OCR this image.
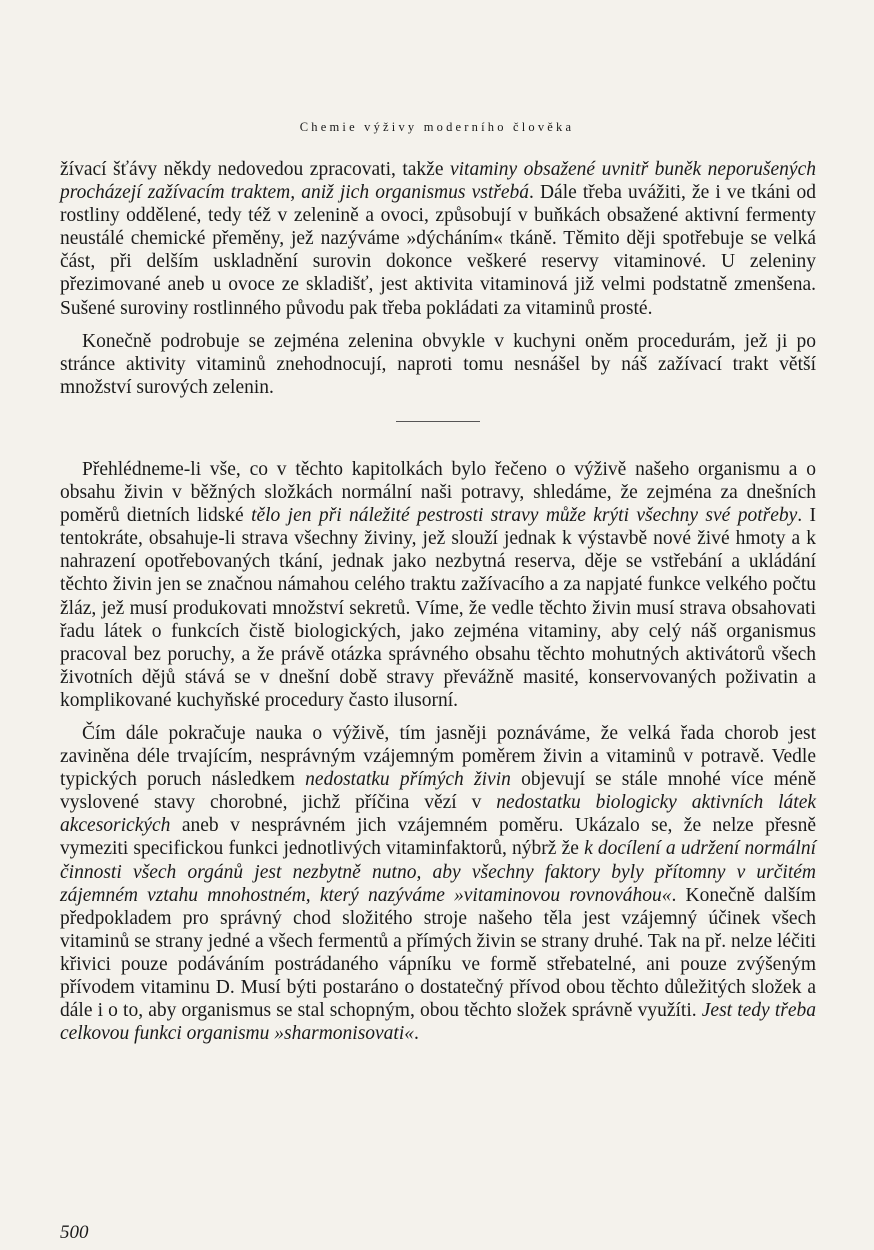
Chemie výživy moderního člověka

žívací šťávy někdy nedovedou zpracovati, takže vitaminy obsažené uvnitř buněk neporušených procházejí zažívacím traktem, aniž jich organismus vstřebá. Dále třeba uvážiti, že i ve tkáni od rostliny oddělené, tedy též v zelenině a ovoci, způsobují v buňkách obsažené aktivní fermenty neustálé chemické přeměny, jež nazýváme »dýcháním« tkáně. Těmito ději spotřebuje se velká část, při delším uskladnění surovin dokonce veškeré reservy vitaminové. U zeleniny přezimované aneb u ovoce ze skladišť, jest aktivita vitaminová již velmi podstatně zmenšena. Sušené suroviny rostlinného původu pak třeba pokládati za vitaminů prosté.

Konečně podrobuje se zejména zelenina obvykle v kuchyni oněm procedurám, jež ji po stránce aktivity vitaminů znehodnocují, naproti tomu nesnášel by náš zažívací trakt větší množství surových zelenin.

Přehlédneme-li vše, co v těchto kapitolkách bylo řečeno o výživě našeho organismu a o obsahu živin v běžných složkách normální naši potravy, shledáme, že zejména za dnešních poměrů dietních lidské tělo jen při náležité pestrosti stravy může krýti všechny své potřeby. I tentokráte, obsahuje-li strava všechny živiny, jež slouží jednak k výstavbě nové živé hmoty a k nahrazení opotřebovaných tkání, jednak jako nezbytná reserva, děje se vstřebání a ukládání těchto živin jen se značnou námahou celého traktu zažívacího a za napjaté funkce velkého počtu žláz, jež musí produkovati množství sekretů. Víme, že vedle těchto živin musí strava obsahovati řadu látek o funkcích čistě biologických, jako zejména vitaminy, aby celý náš organismus pracoval bez poruchy, a že právě otázka správného obsahu těchto mohutných aktivátorů všech životních dějů stává se v dnešní době stravy převážně masité, konservovaných poživatin a komplikované kuchyňské procedury často ilusorní.

Čím dále pokračuje nauka o výživě, tím jasněji poznáváme, že velká řada chorob jest zaviněna déle trvajícím, nesprávným vzájemným poměrem živin a vitaminů v potravě. Vedle typických poruch následkem nedostatku přímých živin objevují se stále mnohé více méně vyslovené stavy chorobné, jichž příčina vězí v nedostatku biologicky aktivních látek akcesorických aneb v nesprávném jich vzájemném poměru. Ukázalo se, že nelze přesně vymeziti specifickou funkci jednotlivých vitaminfaktorů, nýbrž že k docílení a udržení normální činnosti všech orgánů jest nezbytně nutno, aby všechny faktory byly přítomny v určitém zájemném vztahu mnohostném, který nazýváme »vitaminovou rovnováhou«. Konečně dalším předpokladem pro správný chod složitého stroje našeho těla jest vzájemný účinek všech vitaminů se strany jedné a všech fermentů a přímých živin se strany druhé. Tak na př. nelze léčiti křivici pouze podáváním postrádaného vápníku ve formě střebatelné, ani pouze zvýšeným přívodem vitaminu D. Musí býti postaráno o dostatečný přívod obou těchto důležitých složek a dále i o to, aby organismus se stal schopným, obou těchto složek správně využíti. Jest tedy třeba celkovou funkci organismu »sharmonisovati«.

500
